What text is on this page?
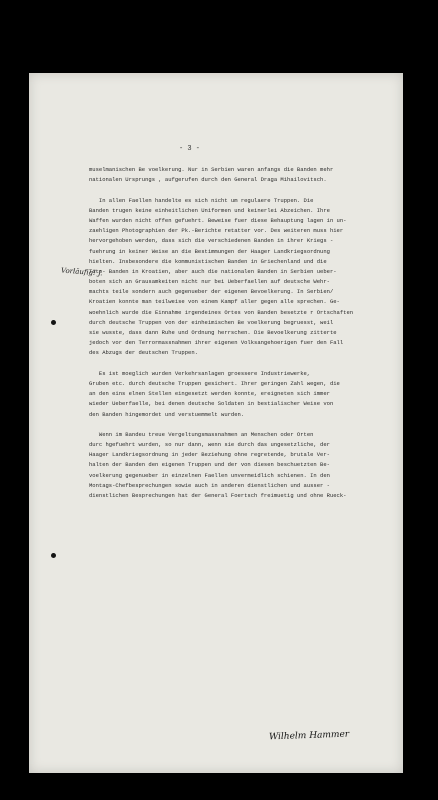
- 3 -
Vorläufig! J.
muselmanischen Be voelkerung. Nur in Serbien waren anfangs die Banden mehr
nationalen Ursprungs , aufgerufen durch den General Draga Mihailovitsch.
In allen Faellen handelte es sich nicht um regulaere Truppen. Die
Banden trugen keine einheitlichen Uniformen und keinerlei Abzeichen. Ihre
Waffen wurden nicht offen gefuehrt. Beweise fuer diese Behauptung lagen in un-
zaehligen Photographien der Pk.-Berichte retatter vor. Des weiteren muss hier
hervorgehoben werden, dass sich die verschiedenen Banden in ihrer Kriegs -
fuehrung in keiner Weise an die Bestimmungen der Haager Landkriegsordnung
hielten. Insbesondere die kommunistischen Banden in Griechenland und die
Tito- Banden in Kroatien, aber auch die nationalen Banden in Serbien ueber-
boten sich an Grausamkeiten nicht nur bei Ueberfaellen auf deutsche Wehr-
machts teile sondern auch gegenueber der eigenen Bevoelkerung. In Serbien/
Kroatien konnte man teilweise von einem Kampf aller gegen alle sprechen. Ge-
woehnlich wurde die Einnahme irgendeines Ortes von Banden besetzte r Ortschaften
durch deutsche Truppen von der einheimischen Be voelkerung begruesst, weil
sie wusste, dass dann Ruhe und Ordnung herrschen. Die Bevoelkerung zitterte
jedoch vor den Terrormassnahmen ihrer eigenen Volksangehoerigen fuer den Fall
des Abzugs der deutschen Truppen.
Es ist moeglich wurden Verkehrsanlagen groessere Industriewerke,
Gruben etc. durch deutsche Truppen gesichert. Ihrer geringen Zahl wegen, die
an den eins elnen Stellen eingesetzt werden konnte, ereigneten sich immer
wieder Ueberfaelle, bei denen deutsche Soldaten in bestialischer Weise von
den Banden hingemordet und verstuemmelt wurden.
Wenn im Bandeu treue Vergeltungsmassnahmen an Menschen oder Orten
durc hgefuehrt wurden, so nur dann, wenn sie durch das ungesetzliche, der
Haager Landkriegsordnung in jeder Beziehung ohne regretende, brutale Ver-
halten der Banden den eigenen Truppen und der von diesen beschuetzten Be-
voelkerung gegenueber in einzelnen Faellen unvermeidlich schienen. In den
Montags-Chefbesprechungen sowie auch in anderen dienstlichen und ausser -
dienstlichen Besprechungen hat der General Foertsch freimuetig und ohne Rueck-
Wilhelm Hammer
